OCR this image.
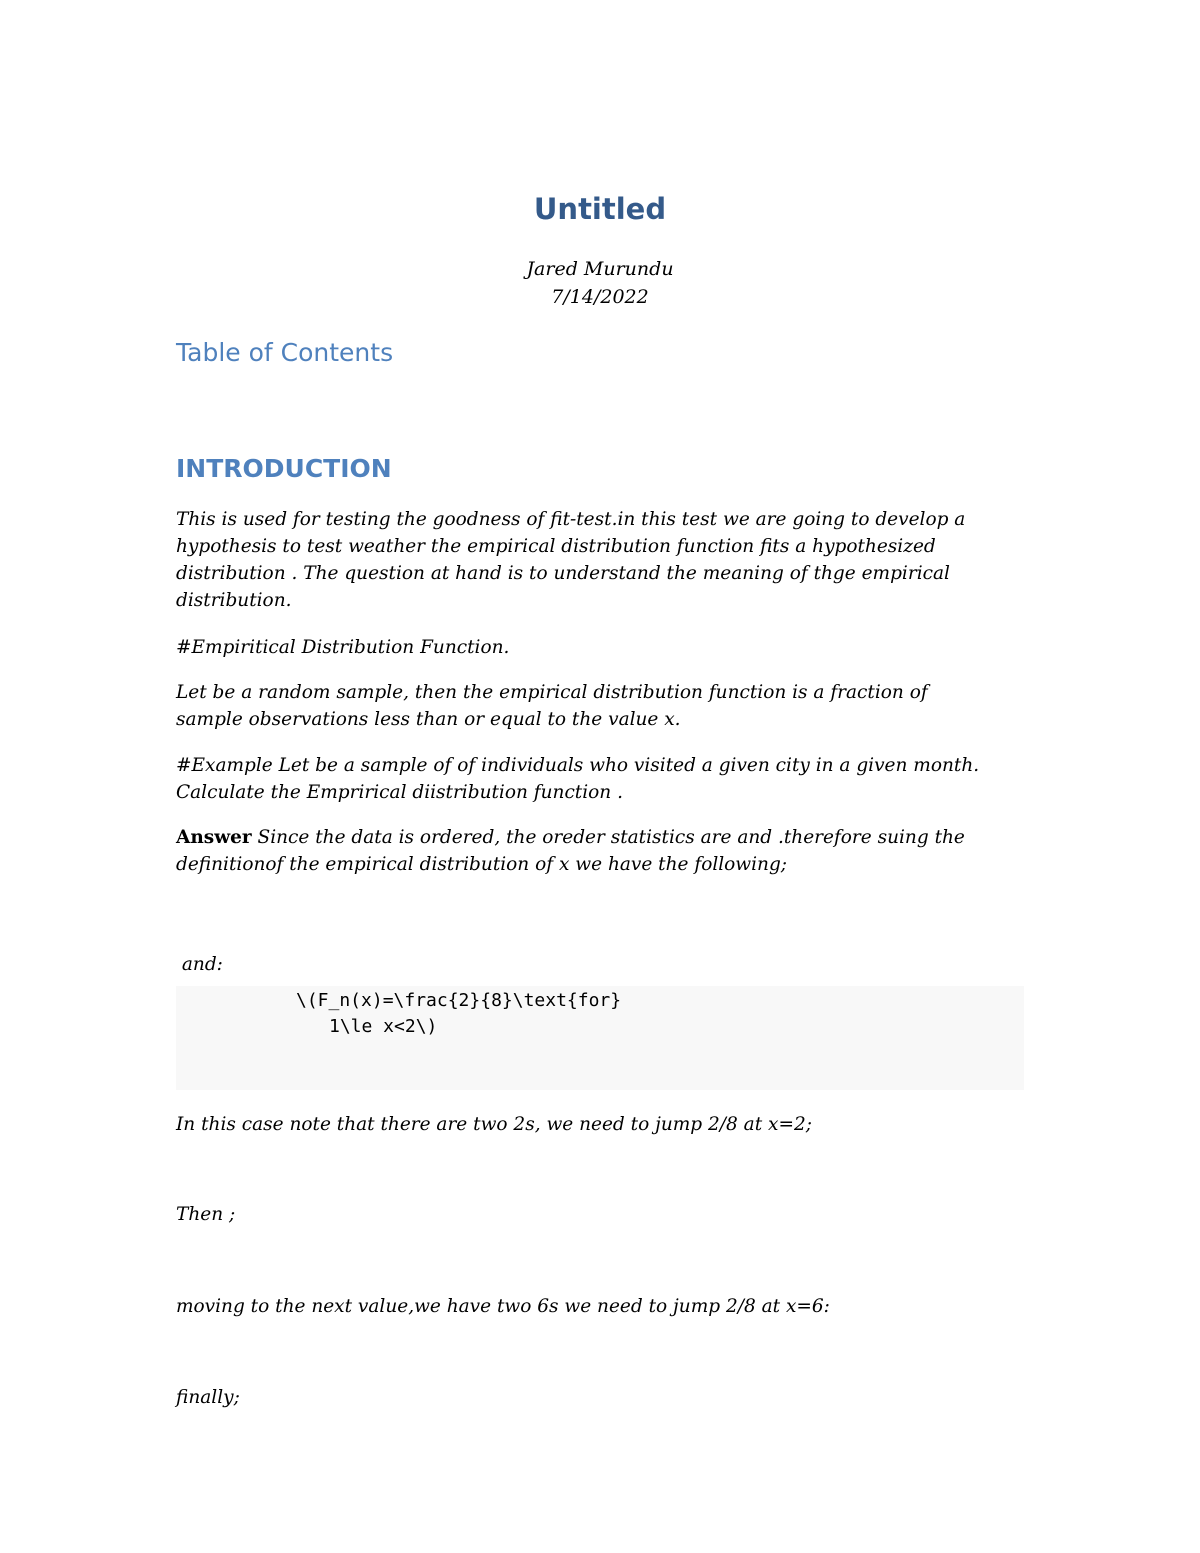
Untitled
Jared Murundu
7/14/2022
Table of Contents
INTRODUCTION
This is used for testing the goodness of fit-test.in this test we are going to develop a
hypothesis to test weather the empirical distribution function fits a hypothesized
distribution . The question at hand is to understand the meaning of thge empirical
distribution.
#Empiritical Distribution Function.
Let be a random sample, then the empirical distribution function is a fraction of
sample observations less than or equal to the value x.
#Example Let be a sample of of individuals who visited a given city in a given month.
Calculate the Emprirical diistribution function .
Answer Since the data is ordered, the oreder statistics are and .therefore suing the
definitionof the empirical distribution of x we have the following;

and:

\(F_n(x)=\frac{2}{8}\text{for}
1\le x<2\)
In this case note that there are two 2s, we need to jump 2/8 at x=2;
Then ;
moving to the next value,we have two 6s we need to jump 2/8 at x=6:
finally;
